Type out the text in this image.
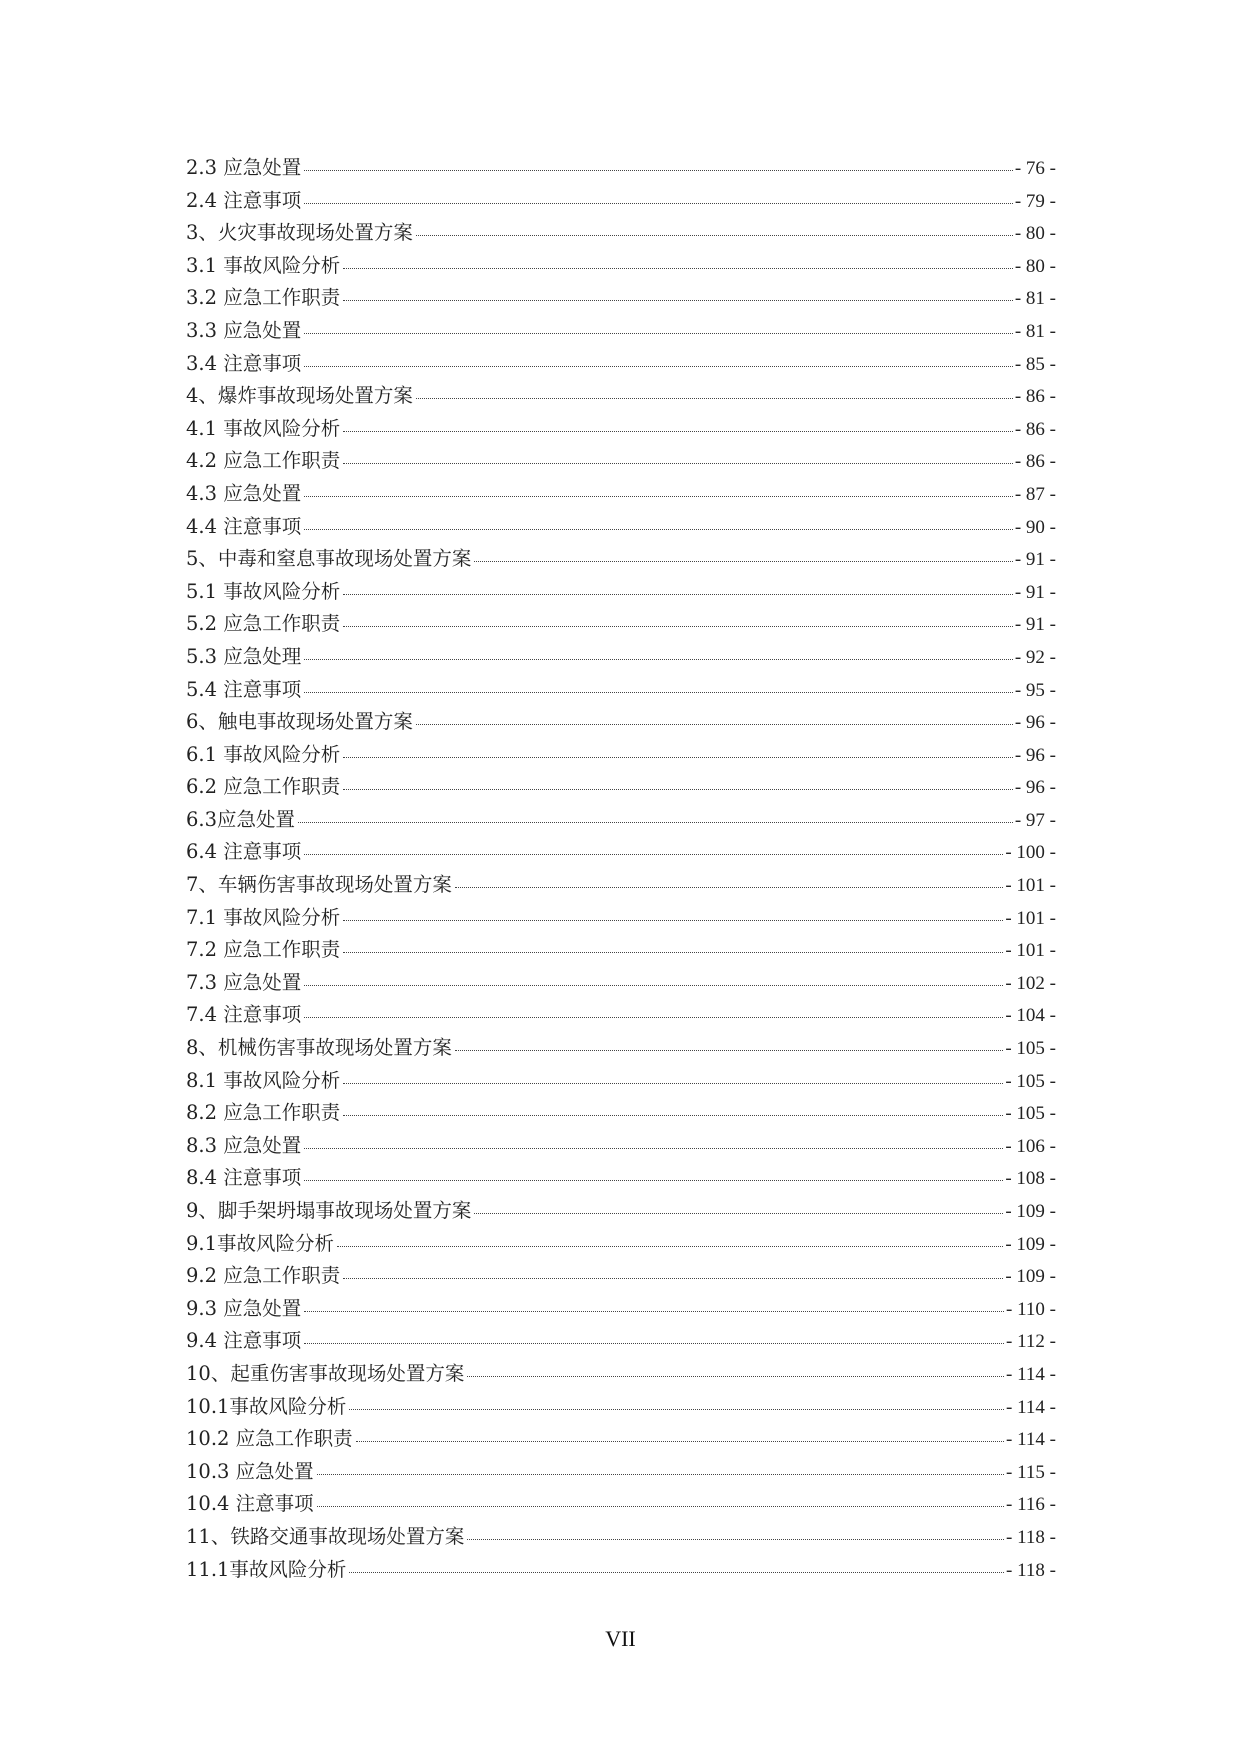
2.3 应急处置	- 76 -
2.4 注意事项	- 79 -
3、火灾事故现场处置方案	- 80 -
3.1 事故风险分析	- 80 -
3.2 应急工作职责	- 81 -
3.3 应急处置	- 81 -
3.4 注意事项	- 85 -
4、爆炸事故现场处置方案	- 86 -
4.1 事故风险分析	- 86 -
4.2 应急工作职责	- 86 -
4.3 应急处置	- 87 -
4.4 注意事项	- 90 -
5、中毒和窒息事故现场处置方案	- 91 -
5.1 事故风险分析	- 91 -
5.2 应急工作职责	- 91 -
5.3 应急处理	- 92 -
5.4 注意事项	- 95 -
6、触电事故现场处置方案	- 96 -
6.1 事故风险分析	- 96 -
6.2 应急工作职责	- 96 -
6.3应急处置	- 97 -
6.4 注意事项	- 100 -
7、车辆伤害事故现场处置方案	- 101 -
7.1 事故风险分析	- 101 -
7.2 应急工作职责	- 101 -
7.3 应急处置	- 102 -
7.4 注意事项	- 104 -
8、机械伤害事故现场处置方案	- 105 -
8.1 事故风险分析	- 105 -
8.2 应急工作职责	- 105 -
8.3 应急处置	- 106 -
8.4 注意事项	- 108 -
9、脚手架坍塌事故现场处置方案	- 109 -
9.1事故风险分析	- 109 -
9.2 应急工作职责	- 109 -
9.3 应急处置	- 110 -
9.4 注意事项	- 112 -
10、起重伤害事故现场处置方案	- 114 -
10.1事故风险分析	- 114 -
10.2 应急工作职责	- 114 -
10.3 应急处置	- 115 -
10.4 注意事项	- 116 -
11、铁路交通事故现场处置方案	- 118 -
11.1事故风险分析	- 118 -
VII
